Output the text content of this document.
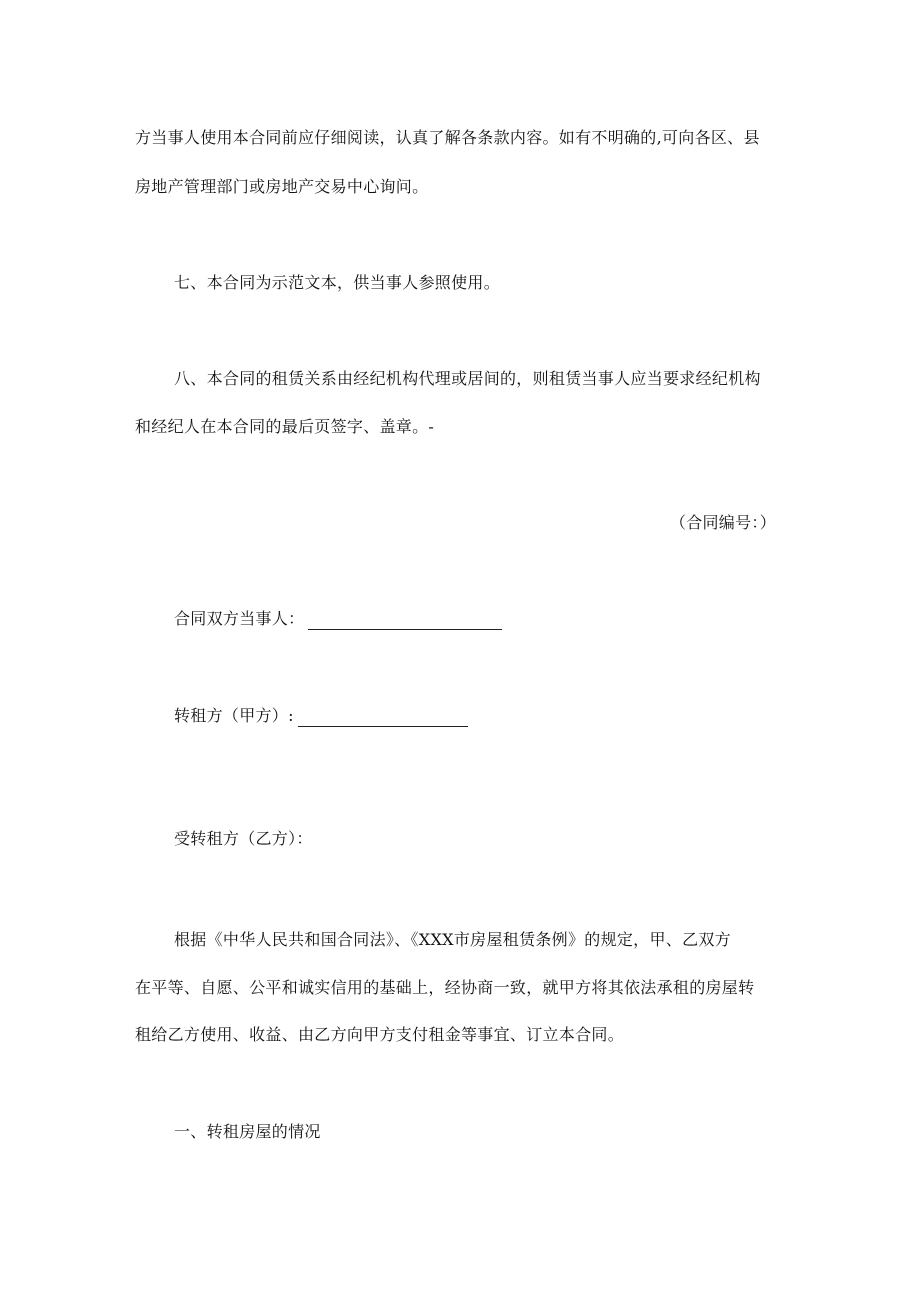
方当事人使用本合同前应仔细阅读，认真了解各条款内容。如有不明确的,可向各区、县
房地产管理部门或房地产交易中心询问。
七、本合同为示范文本，供当事人参照使用。
八、本合同的租赁关系由经纪机构代理或居间的，则租赁当事人应当要求经纪机构
和经纪人在本合同的最后页签字、盖章。-
（合同编号：）
合同双方当事人：
转租方（甲方）:
受转租方（乙方）：
根据《中华人民共和国合同法》、《XXX市房屋租赁条例》的规定，甲、乙双方
在平等、自愿、公平和诚实信用的基础上，经协商一致，就甲方将其依法承租的房屋转
租给乙方使用、收益、由乙方向甲方支付租金等事宜、订立本合同。
一、转租房屋的情况
